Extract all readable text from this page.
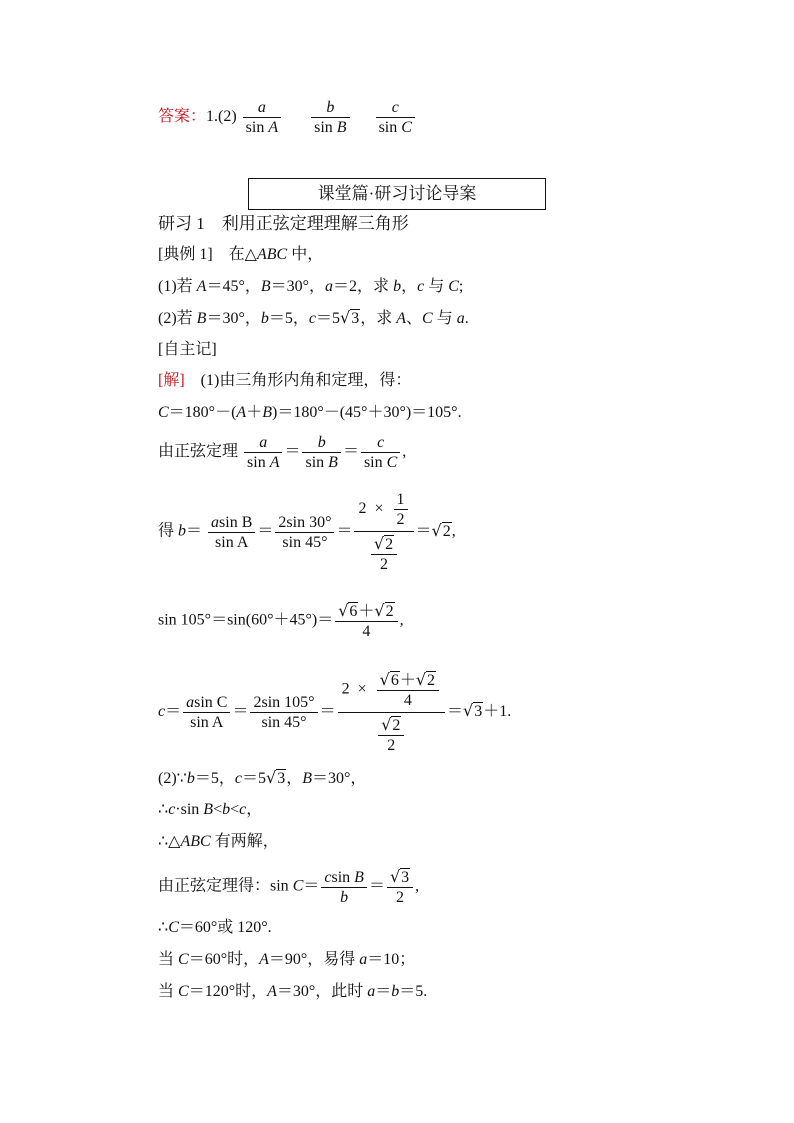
答案：$1.(2) \frac{a}{\text{sin A}}$
$\frac{b}{\text{sin B}}$
$\frac{c}{\text{sin C}}$
课堂篇·研习讨论导案
研习 1　利用正弦定理理解三角形
[典例 1]　在△ABC 中，
(1)若 A＝45°，B＝30°，a＝2，求 b，c 与 C;
(2)若 B＝30°，b＝5，c＝5√3，求 A、C 与 a.
[自主记]
[解]　(1)由三角形内角和定理，得：
C＝180°－(A＋B)＝180°－(45°＋30°)＝105°.
由正弦定理 $\frac{a}{\text{sin A}} = \frac{b}{\text{sin B}} = \frac{c}{\text{sin C}}$ ,
得 $b= \frac{\text{asin B}}{\text{sin A}} = \frac{2\sin 30^\circ}{\sin 45^\circ} = \frac{2 \times \frac{1}{2}}{\frac{√2}{2}} =√2$,
$\sin 105^\circ=\sin(60^\circ+45^\circ)= \frac{√6+√2}{4}$ ,
$c= \frac{\text{asin C}}{\text{sin A}} = \frac{2\sin 105^\circ}{\sin 45^\circ} = \frac{2 \times \frac{√6+√2}{4}}{\frac{√2}{2}} =√3+1$.
(2)∵b＝5，c＝5√3，B＝30°，
∴c·sin B<b<c，
∴△ABC 有两解，
由正弦定理得：$\sin C= \frac{\text{csin B}}{b} = \frac{√3}{2}$ ,
∴C＝60°或 120°.
当 C＝60°时，A＝90°，易得 a＝10；
当 C＝120°时，A＝30°，此时 a＝b＝5.
